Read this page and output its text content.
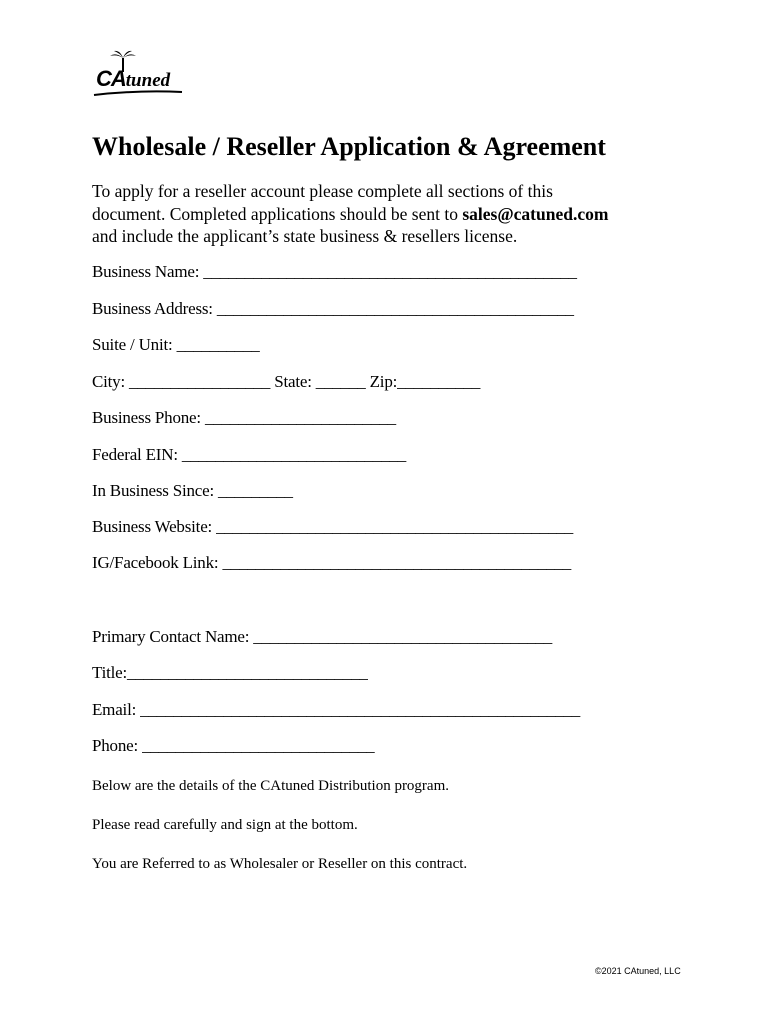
CAtuned
Wholesale / Reseller Application & Agreement

To apply for a reseller account please complete all sections of this
document. Completed applications should be sent to sales@catuned.com
and include the applicant’s state business & resellers license.

Business Name: _____________________________________________

Business Address: ___________________________________________

Suite / Unit: __________

City: _________________ State: ______ Zip:__________

Business Phone: _______________________

Federal EIN: ___________________________

In Business Since: _________

Business Website: ___________________________________________

IG/Facebook Link: __________________________________________

Primary Contact Name: ____________________________________

Title:_____________________________

Email: _____________________________________________________

Phone: ____________________________

Below are the details of the CAtuned Distribution program.

Please read carefully and sign at the bottom.

You are Referred to as Wholesaler or Reseller on this contract.

©2021 CAtuned, LLC
